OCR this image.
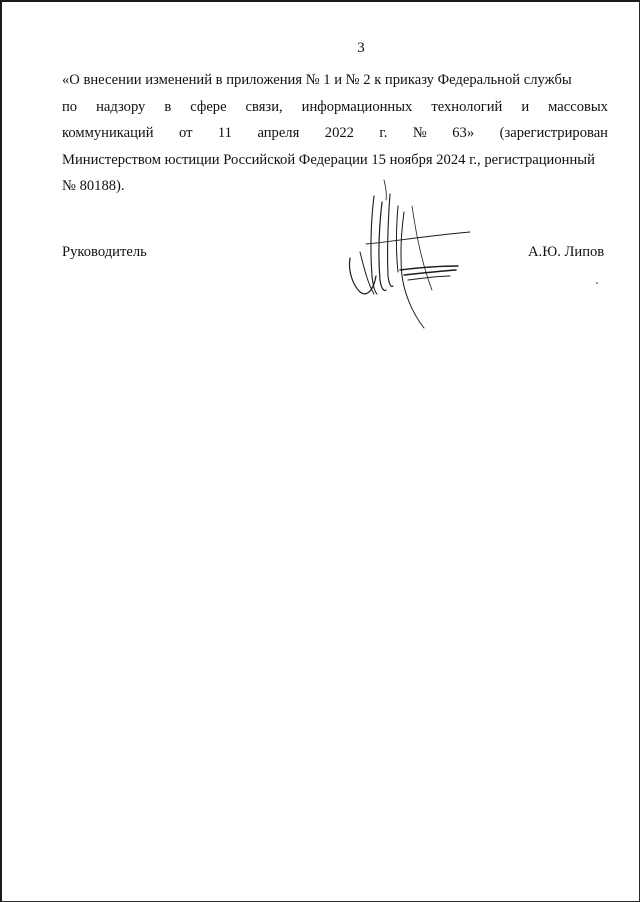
3
«О внесении изменений в приложения № 1 и № 2 к приказу Федеральной службы
по надзору в сфере связи, информационных технологий и массовых
коммуникаций от 11 апреля 2022 г. № 63» (зарегистрирован
Министерством юстиции Российской Федерации 15 ноября 2024 г., регистрационный
№ 80188).
Руководитель	А.Ю. Липов
